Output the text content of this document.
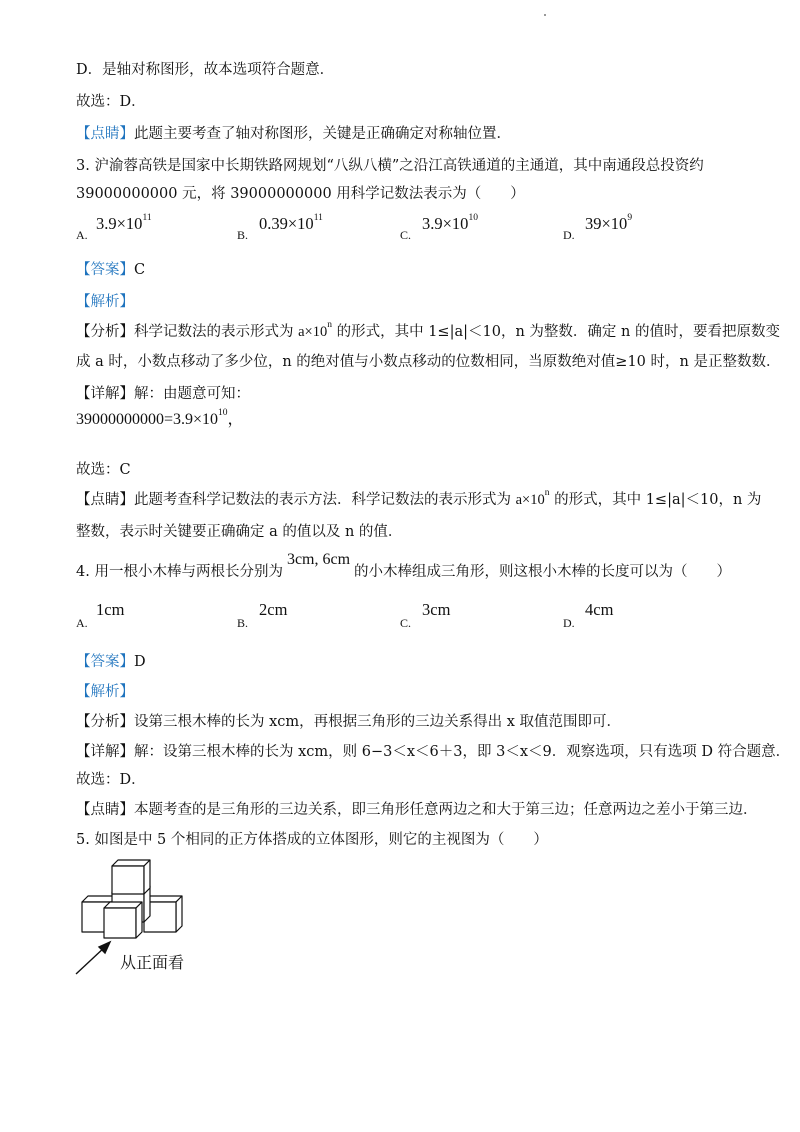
D．是轴对称图形，故本选项符合题意．
故选：D．
【点睛】此题主要考查了轴对称图形，关键是正确确定对称轴位置．
3. 沪渝蓉高铁是国家中长期铁路网规划“八纵八横”之沿江高铁通道的主通道，其中南通段总投资约
39000000000 元，将 39000000000 用科学记数法表示为（　　）
A.
$3.9\times 10^{11}$
B.
$0.39\times 10^{11}$
C.
$3.9\times 10^{10}$
D.
$39\times 10^9$
【答案】C
【解析】
【分析】科学记数法的表示形式为 $a\times 10^n$ 的形式，其中 1≤|a|＜10，n 为整数．确定 n 的值时，要看把原数变
成 a 时，小数点移动了多少位，n 的绝对值与小数点移动的位数相同，当原数绝对值≥10 时，n 是正整数数．
【详解】解：由题意可知：
$39000000000=3.9\times 10^{10}$，
故选：C
【点睛】此题考查科学记数法的表示方法．科学记数法的表示形式为 $a\times 10^n$ 的形式，其中 1≤|a|＜10，n 为
整数，表示时关键要正确确定 a 的值以及 n 的值．
4. 用一根小木棒与两根长分别为3cm, 6cm的小木棒组成三角形，则这根小木棒的长度可以为（　　）
A.
1cm
B.
2cm
C.
3cm
D.
4cm
【答案】D
【解析】
【分析】设第三根木棒的长为 xcm，再根据三角形的三边关系得出 x 取值范围即可．
【详解】解：设第三根木棒的长为 xcm，则 6−3＜x＜6＋3，即 3＜x＜9．观察选项，只有选项 D 符合题意．
故选：D．
【点睛】本题考查的是三角形的三边关系，即三角形任意两边之和大于第三边；任意两边之差小于第三边．
5. 如图是中 5 个相同的正方体搭成的立体图形，则它的主视图为（　　）
从正面看
